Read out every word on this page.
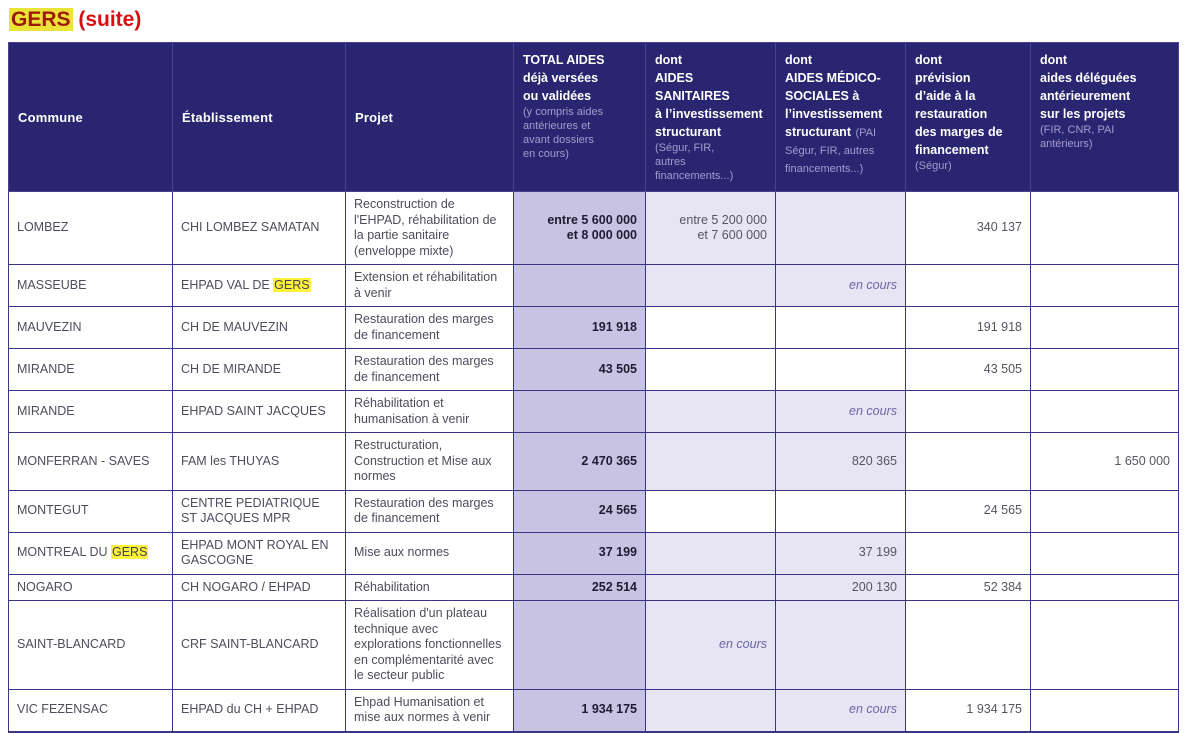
GERS (suite)
Commune	Établissement	Projet	TOTAL AIDES
déjà versées
ou validées
(y compris aides
antérieures et
avant dossiers
en cours)
	dont
AIDES SANITAIRES
à l’investissement
structurant
(Ségur, FIR,
autres
financements...)
	dont
AIDES MÉDICO-
SOCIALES à
l’investissement
structurant (PAI Ségur, FIR, autres financements...)	dont
prévision
d’aide à la
restauration
des marges de
financement
(Ségur)
	dont
aides déléguées
antérieurement
sur les projets
(FIR, CNR, PAI
antérieurs)

LOMBEZ	CHI LOMBEZ SAMATAN	Reconstruction de l'EHPAD, réhabilitation de la partie sanitaire (enveloppe mixte)	entre 5 600 000
et 8 000 000	entre 5 200 000
et 7 600 000		340 137	
MASSEUBE	EHPAD VAL DE GERS	Extension et réhabilitation à venir			en cours		
MAUVEZIN	CH DE MAUVEZIN	Restauration des marges de financement	191 918			191 918	
MIRANDE	CH DE MIRANDE	Restauration des marges de financement	43 505			43 505	
MIRANDE	EHPAD SAINT JACQUES	Réhabilitation et humanisation à venir			en cours		
MONFERRAN - SAVES	FAM les THUYAS	Restructuration, Construction et Mise aux normes	2 470 365		820 365		1 650 000
MONTEGUT	CENTRE PEDIATRIQUE ST JACQUES MPR	Restauration des marges de financement	24 565			24 565	
MONTREAL DU GERS	EHPAD MONT ROYAL EN GASCOGNE	Mise aux normes	37 199		37 199		
NOGARO	CH NOGARO / EHPAD	Réhabilitation	252 514		200 130	52 384	
SAINT-BLANCARD	CRF SAINT-BLANCARD	Réalisation d'un plateau technique avec explorations fonctionnelles en complémentarité avec le secteur public		en cours			
VIC FEZENSAC	EHPAD du CH + EHPAD	Ehpad Humanisation et mise aux normes à venir	1 934 175		en cours	1 934 175	
